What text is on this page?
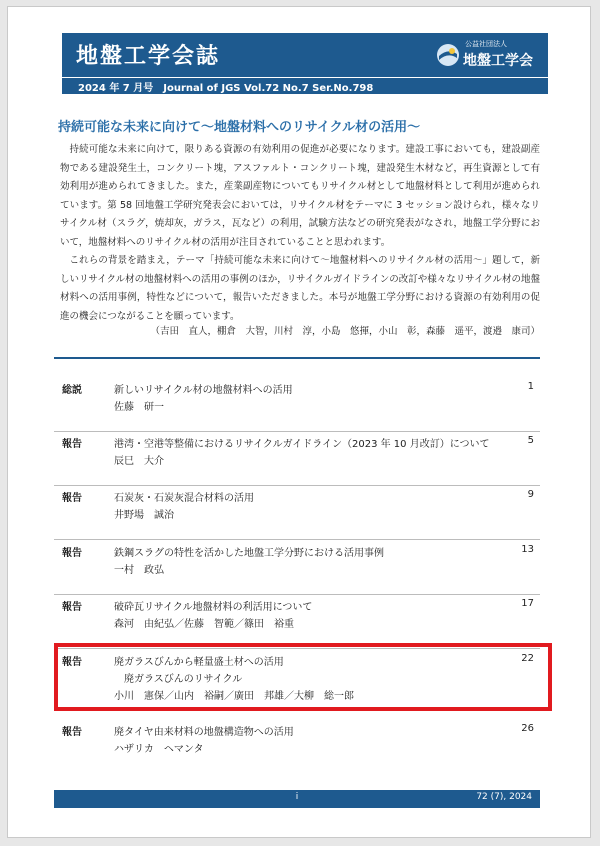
地盤工学会誌	公益社団法人
地盤工学会
2024 年 7 月号　Journal of JGS Vol.72 No.7 Ser.No.798
持続可能な未来に向けて～地盤材料へのリサイクル材の活用～

持続可能な未来に向けて，限りある資源の有効利用の促進が必要になります。建設工事においても，建設副産物である建設発生土，コンクリート塊，アスファルト・コンクリート塊，建設発生木材など，再生資源として有効利用が進められてきました。また，産業副産物についてもリサイクル材として地盤材料として利用が進められています。第 58 回地盤工学研究発表会においては，リサイクル材をテーマに 3 セッション設けられ，様々なリサイクル材（スラグ，焼却灰，ガラス，瓦など）の利用，試験方法などの研究発表がなされ，地盤工学分野において，地盤材料へのリサイクル材の活用が注目されていることと思われます。

これらの背景を踏まえ，テーマ「持続可能な未来に向けて～地盤材料へのリサイクル材の活用～」題して，新しいリサイクル材の地盤材料への活用の事例のほか，リサイクルガイドラインの改訂や様々なリサイクル材の地盤材料への活用事例，特性などについて，報告いただきました。本号が地盤工学分野における資源の有効利用の促進の機会につながることを願っています。

（吉田　直人，棚倉　大智，川村　淳，小島　悠揮，小山　彰，森藤　遥平，渡邉　康司）
総説	新しいリサイクル材の地盤材料への活用
佐藤　研一
1
報告	港湾・空港等整備におけるリサイクルガイドライン（2023 年 10 月改訂）について
辰巳　大介
5
報告	石炭灰・石炭灰混合材料の活用
井野場　誠治
9
報告	鉄鋼スラグの特性を活かした地盤工学分野における活用事例
一村　政弘
13
報告	破砕瓦リサイクル地盤材料の利活用について
森河　由紀弘／佐藤　智範／篠田　裕重
17
報告	廃ガラスびんから軽量盛土材への活用
廃ガラスびんのリサイクル
小川　憲保／山内　裕嗣／廣田　邦雄／大柳　総一郎
22
報告	廃タイヤ由来材料の地盤構造物への活用
ハザリカ　ヘマンタ
26
i	72 (7), 2024
